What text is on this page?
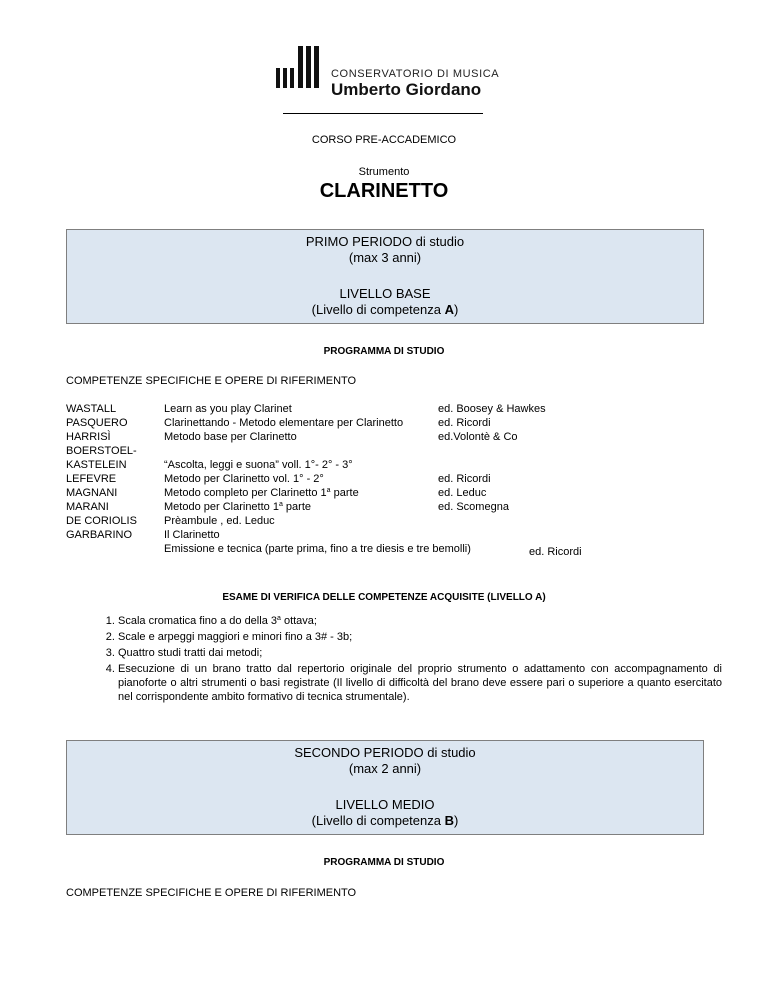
CONSERVATORIO DI MUSICA
Umberto Giordano
CORSO PRE-ACCADEMICO
Strumento
CLARINETTO
PRIMO PERIODO di studio
(max 3 anni)
LIVELLO BASE
(Livello di competenza A)
PROGRAMMA DI STUDIO
COMPETENZE SPECIFICHE E OPERE DI RIFERIMENTO
WASTALL
PASQUERO
HARRISÌ
BOERSTOEL-
KASTELEIN
LEFEVRE
MAGNANI
MARANI
DE CORIOLIS
GARBARINO
Learn as you play Clarinet
Clarinettando - Metodo elementare per Clarinetto
Metodo base per Clarinetto
“Ascolta, leggi e suona” voll. 1°- 2° - 3°
Metodo per Clarinetto vol. 1° - 2°
Metodo completo per Clarinetto 1$^a$ parte
Metodo per Clarinetto 1$^a$ parte
Prèambule , ed. Leduc
Il Clarinetto
Emissione e tecnica (parte prima, fino a tre diesis e tre bemolli)
ed. Boosey & Hawkes
ed. Ricordi
ed.Volontè & Co
ed. Ricordi
ed. Leduc
ed. Scomegna
ed. Ricordi
ESAME DI VERIFICA DELLE COMPETENZE ACQUISITE (LIVELLO A)
1. Scala cromatica fino a do della 3$^a$ ottava;
2. Scale e arpeggi maggiori e minori fino a 3# - 3b;
3. Quattro studi tratti dai metodi;
4. Esecuzione di un brano tratto dal repertorio originale del proprio strumento o adattamento con accompagnamento di pianoforte o altri strumenti o basi registrate (Il livello di difficoltà del brano deve essere pari o superiore a quanto esercitato nel corrispondente ambito formativo di tecnica strumentale).
SECONDO PERIODO di studio
(max 2 anni)
LIVELLO MEDIO
(Livello di competenza B)
PROGRAMMA DI STUDIO
COMPETENZE SPECIFICHE E OPERE DI RIFERIMENTO
